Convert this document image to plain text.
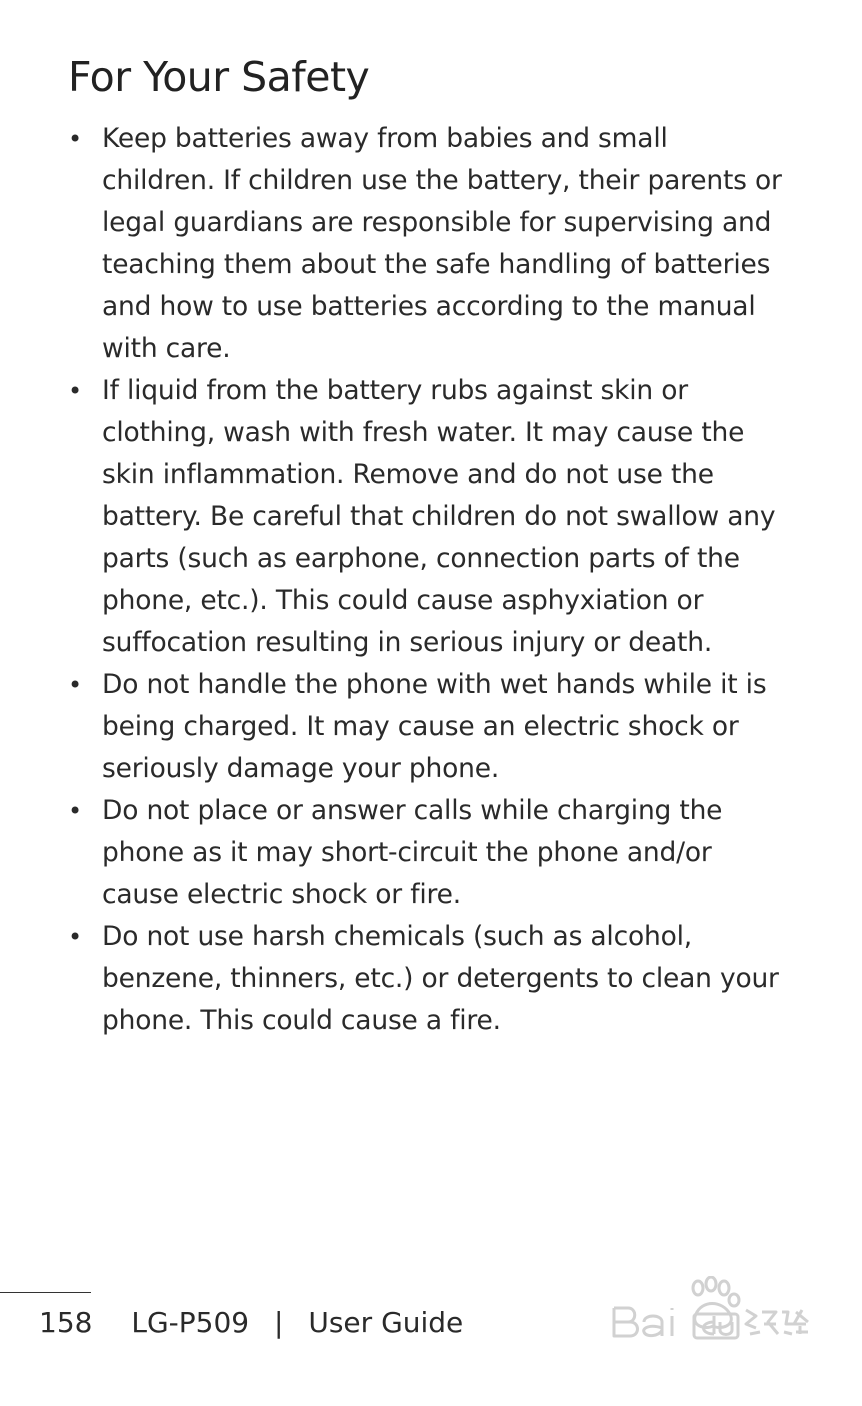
For Your Safety
• Keep batteries away from babies and small children. If children use the battery, their parents or legal guardians are responsible for supervising and teaching them about the safe handling of batteries and how to use batteries according to the manual with care.
• If liquid from the battery rubs against skin or clothing, wash with fresh water. It may cause the skin inflammation. Remove and do not use the battery. Be careful that children do not swallow any parts (such as earphone, connection parts of the phone, etc.). This could cause asphyxiation or suffocation resulting in serious injury or death.
• Do not handle the phone with wet hands while it is being charged. It may cause an electric shock or seriously damage your phone.
• Do not place or answer calls while charging the phone as it may short-circuit the phone and/or cause electric shock or fire.
• Do not use harsh chemicals (such as alcohol, benzene, thinners, etc.) or detergents to clean your phone. This could cause a fire.
158 LG-P509 | User Guide
